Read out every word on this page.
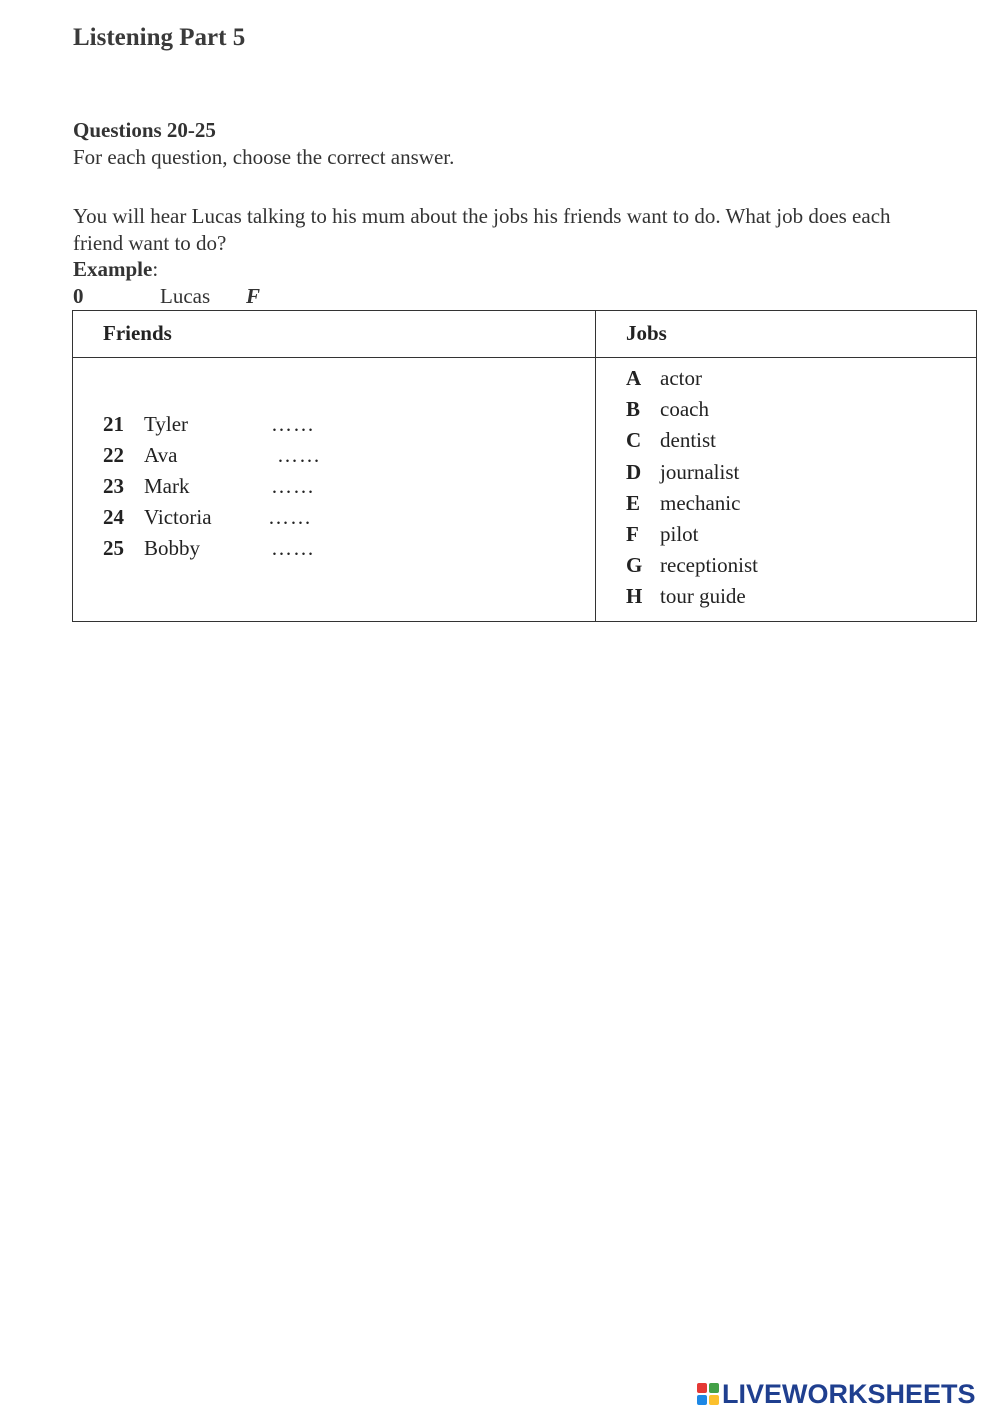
Listening Part 5
Questions 20-25
For each question, choose the correct answer.
You will hear Lucas talking to his mum about the jobs his friends want to do. What job does each friend want to do?
Example:
0	Lucas F
Friends	Jobs
21 Tyler	……
22 Ava	……
23 Mark	……
24 Victoria	……
25 Bobby	……
A actor
B coach
C dentist
D journalist
E mechanic
F pilot
G receptionist
H tour guide
LIVEWORKSHEETS
